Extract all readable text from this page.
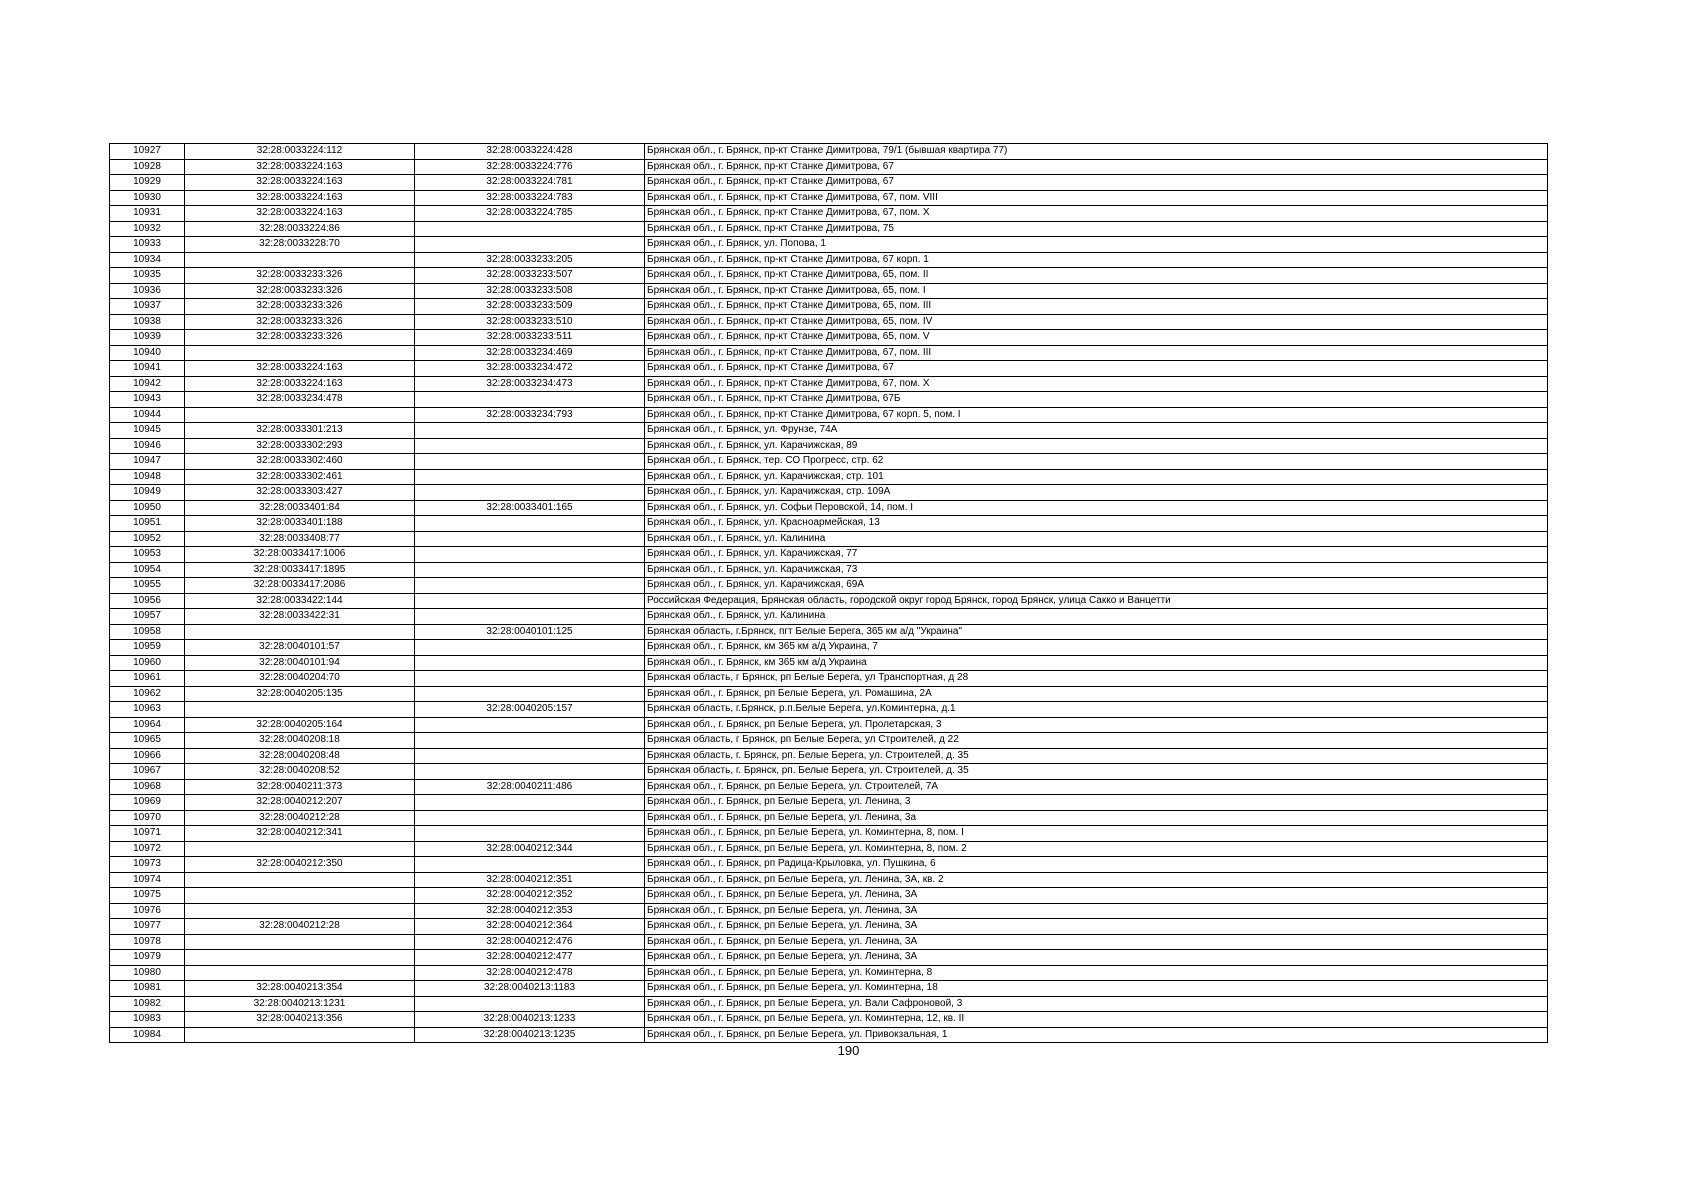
10927	32:28:0033224:112	32:28:0033224:428	Брянская обл., г. Брянск, пр-кт Станке Димитрова, 79/1 (бывшая квартира 77)
10928	32:28:0033224:163	32:28:0033224:776	Брянская обл., г. Брянск, пр-кт Станке Димитрова, 67
10929	32:28:0033224:163	32:28:0033224:781	Брянская обл., г. Брянск, пр-кт Станке Димитрова, 67
10930	32:28:0033224:163	32:28:0033224:783	Брянская обл., г. Брянск, пр-кт Станке Димитрова, 67, пом. VIII
10931	32:28:0033224:163	32:28:0033224:785	Брянская обл., г. Брянск, пр-кт Станке Димитрова, 67, пом. X
10932	32:28:0033224:86		Брянская обл., г. Брянск, пр-кт Станке Димитрова, 75
10933	32:28:0033228:70		Брянская обл., г. Брянск, ул. Попова, 1
10934		32:28:0033233:205	Брянская обл., г. Брянск, пр-кт Станке Димитрова, 67 корп. 1
10935	32:28:0033233:326	32:28:0033233:507	Брянская обл., г. Брянск, пр-кт Станке Димитрова, 65, пом. II
10936	32:28:0033233:326	32:28:0033233:508	Брянская обл., г. Брянск, пр-кт Станке Димитрова, 65, пом. I
10937	32:28:0033233:326	32:28:0033233:509	Брянская обл., г. Брянск, пр-кт Станке Димитрова, 65, пом. III
10938	32:28:0033233:326	32:28:0033233:510	Брянская обл., г. Брянск, пр-кт Станке Димитрова, 65, пом. IV
10939	32:28:0033233:326	32:28:0033233:511	Брянская обл., г. Брянск, пр-кт Станке Димитрова, 65, пом. V
10940		32:28:0033234:469	Брянская обл., г. Брянск, пр-кт Станке Димитрова, 67, пом. III
10941	32:28:0033224:163	32:28:0033234:472	Брянская обл., г. Брянск, пр-кт Станке Димитрова, 67
10942	32:28:0033224:163	32:28:0033234:473	Брянская обл., г. Брянск, пр-кт Станке Димитрова, 67, пом. X
10943	32:28:0033234:478		Брянская обл., г. Брянск, пр-кт Станке Димитрова, 67Б
10944		32:28:0033234:793	Брянская обл., г. Брянск, пр-кт Станке Димитрова, 67 корп. 5, пом. I
10945	32:28:0033301:213		Брянская обл., г. Брянск, ул. Фрунзе, 74А
10946	32:28:0033302:293		Брянская обл., г. Брянск, ул. Карачижская, 89
10947	32:28:0033302:460		Брянская обл., г. Брянск, тер. СО Прогресс, стр. 62
10948	32:28:0033302:461		Брянская обл., г. Брянск, ул. Карачижская, стр. 101
10949	32:28:0033303:427		Брянская обл., г. Брянск, ул. Карачижская, стр. 109А
10950	32:28:0033401:84	32:28:0033401:165	Брянская обл., г. Брянск, ул. Софьи Перовской, 14, пом. I
10951	32:28:0033401:188		Брянская обл., г. Брянск, ул. Красноармейская, 13
10952	32:28:0033408:77		Брянская обл., г. Брянск, ул. Калинина
10953	32:28:0033417:1006		Брянская обл., г. Брянск, ул. Карачижская, 77
10954	32:28:0033417:1895		Брянская обл., г. Брянск, ул. Карачижская, 73
10955	32:28:0033417:2086		Брянская обл., г. Брянск, ул. Карачижская, 69А
10956	32:28:0033422:144		Российская Федерация, Брянская область, городской округ город Брянск, город Брянск, улица Сакко и Ванцетти
10957	32:28:0033422:31		Брянская обл., г. Брянск, ул. Калинина
10958		32:28:0040101:125	Брянская область, г.Брянск, пгт Белые Берега, 365 км а/д "Украина"
10959	32:28:0040101:57		Брянская обл., г. Брянск, км 365 км а/д Украина, 7
10960	32:28:0040101:94		Брянская обл., г. Брянск, км 365 км а/д Украина
10961	32:28:0040204:70		Брянская область, г Брянск, рп Белые Берега, ул Транспортная, д 28
10962	32:28:0040205:135		Брянская обл., г. Брянск, рп Белые Берега, ул. Ромашина, 2А
10963		32:28:0040205:157	Брянская область, г.Брянск, р.п.Белые Берега, ул.Коминтерна, д.1
10964	32:28:0040205:164		Брянская обл., г. Брянск, рп Белые Берега, ул. Пролетарская, 3
10965	32:28:0040208:18		Брянская область, г Брянск, рп Белые Берега, ул Строителей, д 22
10966	32:28:0040208:48		Брянская область, г. Брянск, рп. Белые Берега, ул. Строителей, д. 35
10967	32:28:0040208:52		Брянская область, г. Брянск, рп. Белые Берега, ул. Строителей, д. 35
10968	32:28:0040211:373	32:28:0040211:486	Брянская обл., г. Брянск, рп Белые Берега, ул. Строителей, 7А
10969	32:28:0040212:207		Брянская обл., г. Брянск, рп Белые Берега, ул. Ленина, 3
10970	32:28:0040212:28		Брянская обл., г. Брянск, рп Белые Берега, ул. Ленина, 3а
10971	32:28:0040212:341		Брянская обл., г. Брянск, рп Белые Берега, ул. Коминтерна, 8, пом. I
10972		32:28:0040212:344	Брянская обл., г. Брянск, рп Белые Берега, ул. Коминтерна, 8, пом. 2
10973	32:28:0040212:350		Брянская обл., г. Брянск, рп Радица-Крыловка, ул. Пушкина, 6
10974		32:28:0040212:351	Брянская обл., г. Брянск, рп Белые Берега, ул. Ленина, 3А, кв. 2
10975		32:28:0040212:352	Брянская обл., г. Брянск, рп Белые Берега, ул. Ленина, 3А
10976		32:28:0040212:353	Брянская обл., г. Брянск, рп Белые Берега, ул. Ленина, 3А
10977	32:28:0040212:28	32:28:0040212:364	Брянская обл., г. Брянск, рп Белые Берега, ул. Ленина, 3А
10978		32:28:0040212:476	Брянская обл., г. Брянск, рп Белые Берега, ул. Ленина, 3А
10979		32:28:0040212:477	Брянская обл., г. Брянск, рп Белые Берега, ул. Ленина, 3А
10980		32:28:0040212:478	Брянская обл., г. Брянск, рп Белые Берега, ул. Коминтерна, 8
10981	32:28:0040213:354	32:28:0040213:1183	Брянская обл., г. Брянск, рп Белые Берега, ул. Коминтерна, 18
10982	32:28:0040213:1231		Брянская обл., г. Брянск, рп Белые Берега, ул. Вали Сафроновой, 3
10983	32:28:0040213:356	32:28:0040213:1233	Брянская обл., г. Брянск, рп Белые Берега, ул. Коминтерна, 12, кв. II
10984		32:28:0040213:1235	Брянская обл., г. Брянск, рп Белые Берега, ул. Привокзальная, 1
190
